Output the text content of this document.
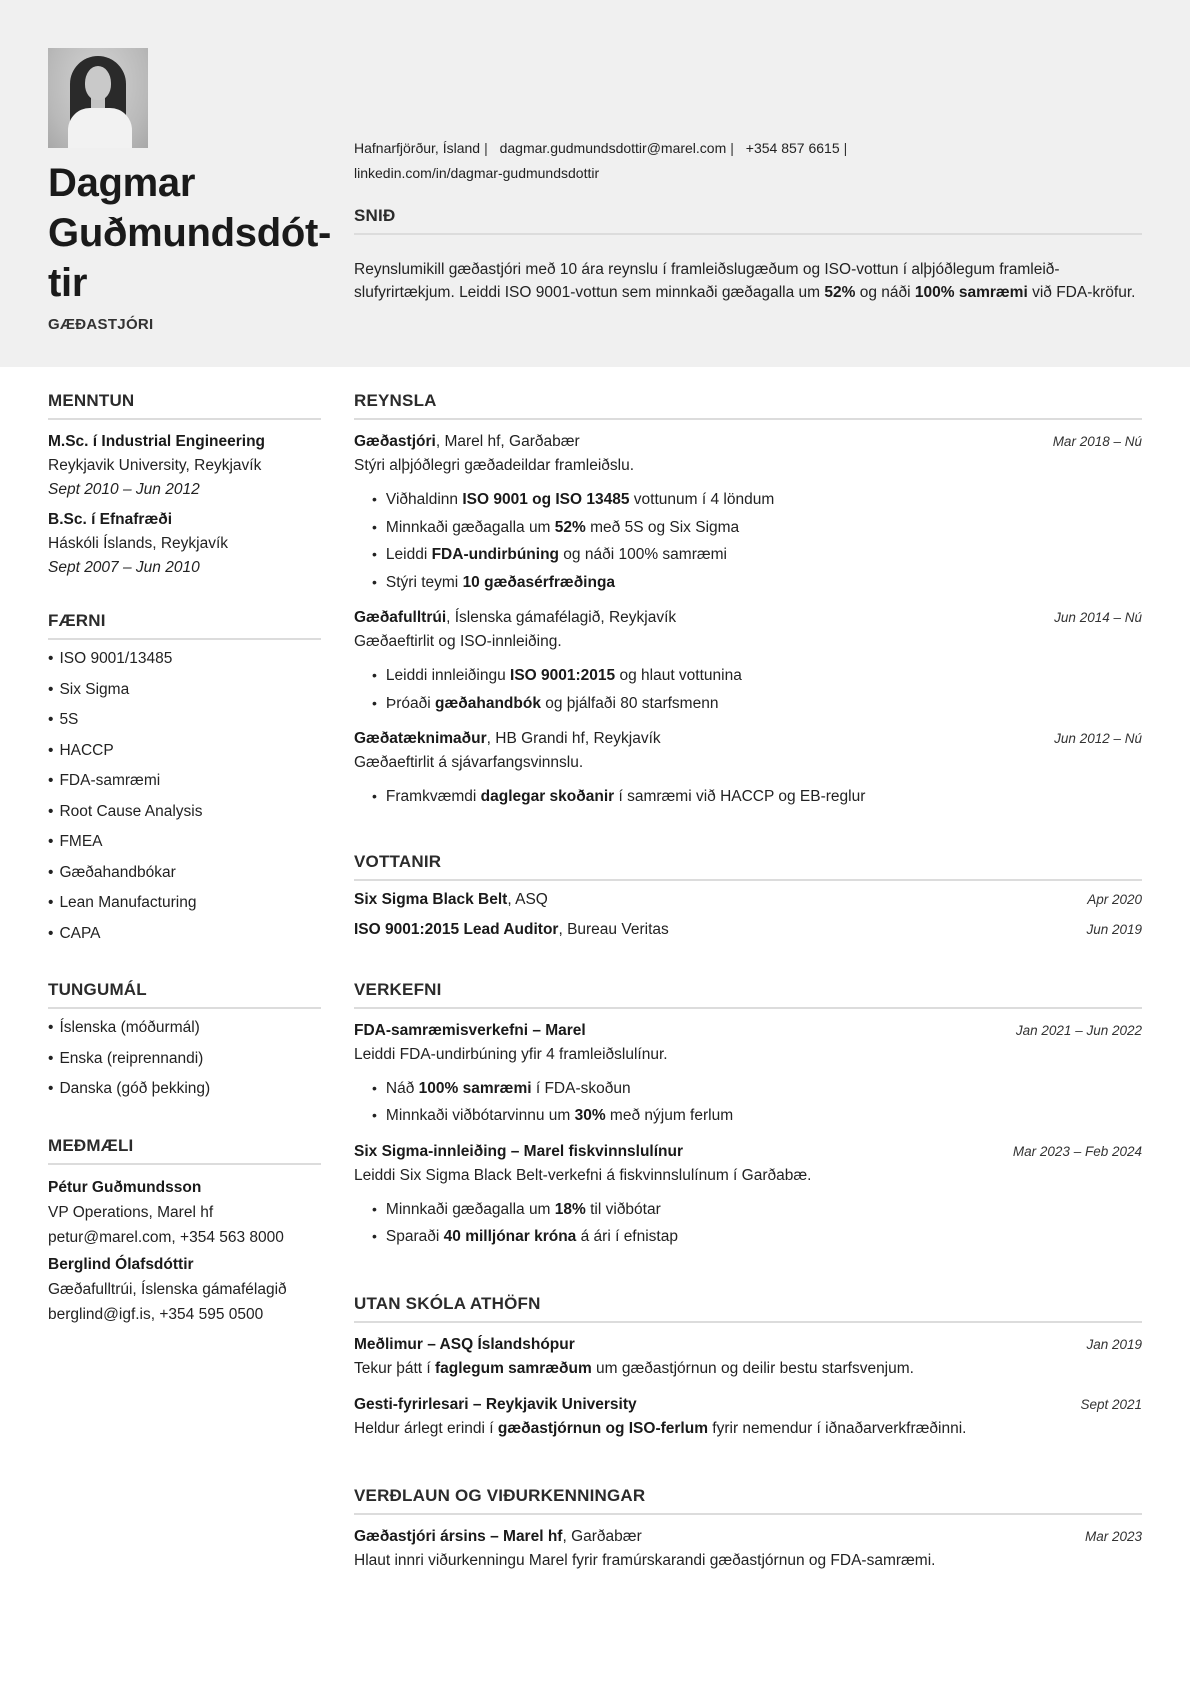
Dagmar
Guðmundsdót-
tir
GÆÐASTJÓRI
Hafnarfjörður, Ísland | dagmar.gudmundsdottir@marel.com | +354 857 6615 |
linkedin.com/in/dagmar-gudmundsdottir
SNIÐ
Reynslumikill gæðastjóri með 10 ára reynslu í framleiðslugæðum og ISO-vottun í alþjóðlegum framleiðslufyrirtækjum. Leiddi ISO 9001-vottun sem minnkaði gæðagalla um 52% og náði 100% samræmi við FDA-kröfur.
MENNTUN
M.Sc. í Industrial Engineering
Reykjavik University, Reykjavík
Sept 2010 – Jun 2012
B.Sc. í Efnafræði
Háskóli Íslands, Reykjavík
Sept 2007 – Jun 2010
FÆRNI
• ISO 9001/13485
• Six Sigma
• 5S
• HACCP
• FDA-samræmi
• Root Cause Analysis
• FMEA
• Gæðahandbókar
• Lean Manufacturing
• CAPA
TUNGUMÁL
• Íslenska (móðurmál)
• Enska (reiprennandi)
• Danska (góð þekking)
MEÐMÆLI
Pétur Guðmundsson
VP Operations, Marel hf
petur@marel.com, +354 563 8000
Berglind Ólafsdóttir
Gæðafulltrúi, Íslenska gámafélagið
berglind@igf.is, +354 595 0500
REYNSLA
Gæðastjóri, Marel hf, Garðabær	Mar 2018 – Nú
Stýri alþjóðlegri gæðadeildar framleiðslu.
• Viðhaldinn ISO 9001 og ISO 13485 vottunum í 4 löndum
• Minnkaði gæðagalla um 52% með 5S og Six Sigma
• Leiddi FDA-undirbúning og náði 100% samræmi
• Stýri teymi 10 gæðasérfræðinga
Gæðafulltrúi, Íslenska gámafélagið, Reykjavík	Jun 2014 – Nú
Gæðaeftirlit og ISO-innleiðing.
• Leiddi innleiðingu ISO 9001:2015 og hlaut vottunina
• Þróaði gæðahandbók og þjálfaði 80 starfsmenn
Gæðatæknimaður, HB Grandi hf, Reykjavík	Jun 2012 – Nú
Gæðaeftirlit á sjávarfangsvinnslu.
• Framkvæmdi daglegar skoðanir í samræmi við HACCP og EB-reglur
VOTTANIR
Six Sigma Black Belt, ASQ	Apr 2020
ISO 9001:2015 Lead Auditor, Bureau Veritas	Jun 2019
VERKEFNI
FDA-samræmisverkefni – Marel	Jan 2021 – Jun 2022
Leiddi FDA-undirbúning yfir 4 framleiðslulínur.
• Náð 100% samræmi í FDA-skoðun
• Minnkaði viðbótarvinnu um 30% með nýjum ferlum
Six Sigma-innleiðing – Marel fiskvinnslulínur	Mar 2023 – Feb 2024
Leiddi Six Sigma Black Belt-verkefni á fiskvinnslulínum í Garðabæ.
• Minnkaði gæðagalla um 18% til viðbótar
• Sparaði 40 milljónar króna á ári í efnistap
UTAN SKÓLA ATHÖFN
Meðlimur – ASQ Íslandshópur	Jan 2019
Tekur þátt í faglegum samræðum um gæðastjórnun og deilir bestu starfsvenjum.
Gesti-fyrirlesari – Reykjavik University	Sept 2021
Heldur árlegt erindi í gæðastjórnun og ISO-ferlum fyrir nemendur í iðnaðarverkfræðinni.
VERÐLAUN OG VIÐURKENNINGAR
Gæðastjóri ársins – Marel hf, Garðabær	Mar 2023
Hlaut innri viðurkenningu Marel fyrir framúrskarandi gæðastjórnun og FDA-samræmi.
